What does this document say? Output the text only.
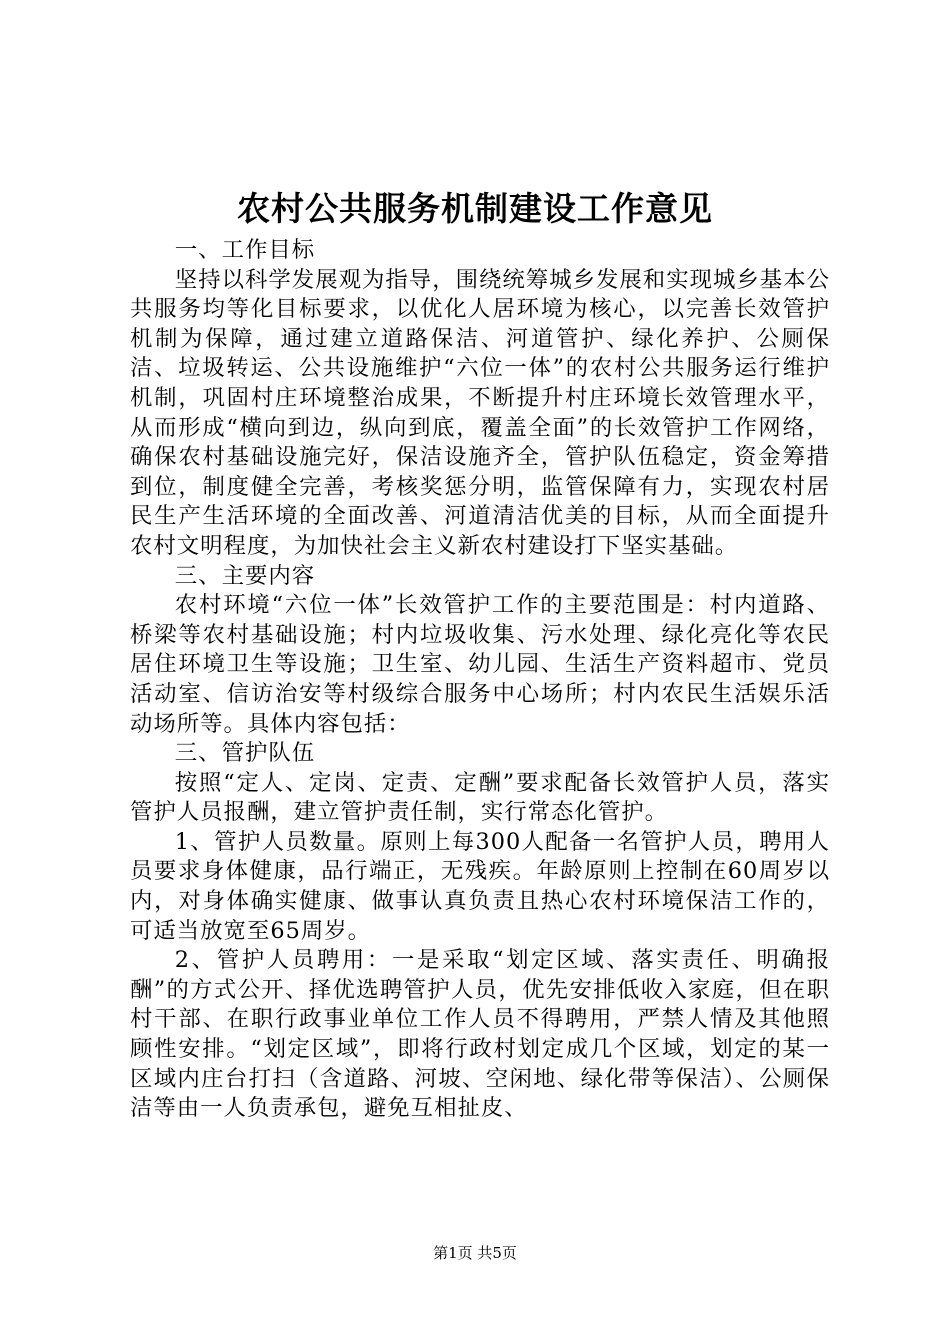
农村公共服务机制建设工作意见

一、工作目标

坚持以科学发展观为指导，围绕统筹城乡发展和实现城乡基本公共服务均等化目标要求，以优化人居环境为核心，以完善长效管护机制为保障，通过建立道路保洁、河道管护、绿化养护、公厕保洁、垃圾转运、公共设施维护“六位一体”的农村公共服务运行维护机制，巩固村庄环境整治成果，不断提升村庄环境长效管理水平，从而形成“横向到边，纵向到底，覆盖全面”的长效管护工作网络，确保农村基础设施完好，保洁设施齐全，管护队伍稳定，资金筹措到位，制度健全完善，考核奖惩分明，监管保障有力，实现农村居民生产生活环境的全面改善、河道清洁优美的目标，从而全面提升农村文明程度，为加快社会主义新农村建设打下坚实基础。

三、主要内容

农村环境“六位一体”长效管护工作的主要范围是：村内道路、桥梁等农村基础设施；村内垃圾收集、污水处理、绿化亮化等农民居住环境卫生等设施；卫生室、幼儿园、生活生产资料超市、党员活动室、信访治安等村级综合服务中心场所；村内农民生活娱乐活动场所等。具体内容包括：

三、管护队伍

按照“定人、定岗、定责、定酬”要求配备长效管护人员，落实管护人员报酬，建立管护责任制，实行常态化管护。

1、管护人员数量。原则上每300人配备一名管护人员，聘用人员要求身体健康，品行端正，无残疾。年龄原则上控制在60周岁以内，对身体确实健康、做事认真负责且热心农村环境保洁工作的，可适当放宽至65周岁。

2、管护人员聘用：一是采取“划定区域、落实责任、明确报酬”的方式公开、择优选聘管护人员，优先安排低收入家庭，但在职村干部、在职行政事业单位工作人员不得聘用，严禁人情及其他照顾性安排。“划定区域”，即将行政村划定成几个区域，划定的某一区域内庄台打扫（含道路、河坡、空闲地、绿化带等保洁）、公厕保洁等由一人负责承包，避免互相扯皮、

第1页 共5页
